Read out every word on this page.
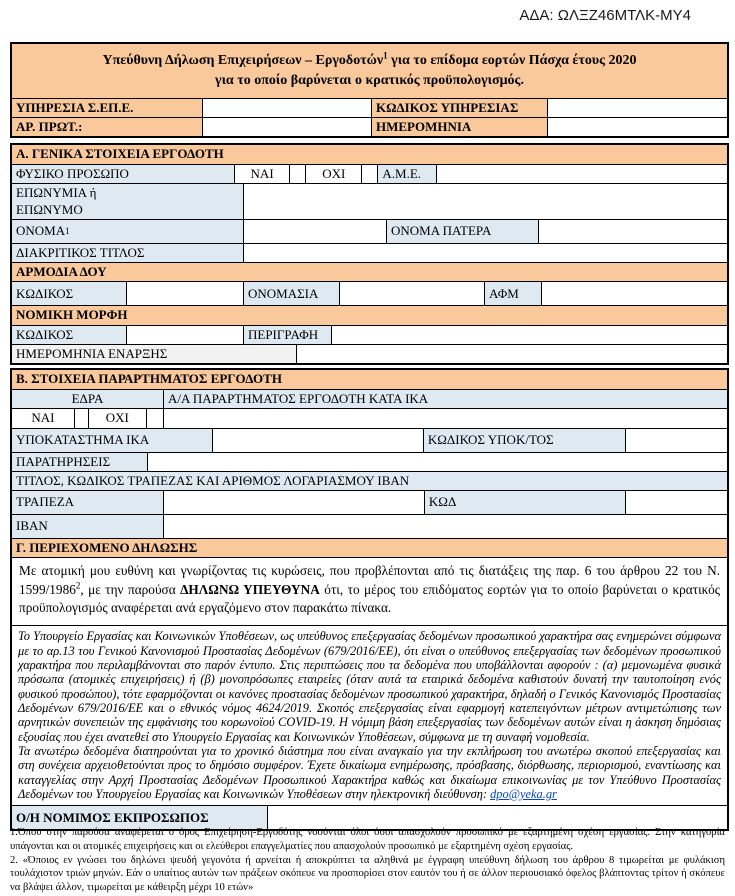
ΑΔΑ: ΩΛΞΖ46ΜΤΛΚ-ΜΥ4
Υπεύθυνη Δήλωση Επιχειρήσεων – Εργοδοτών$^1$ για το επίδομα εορτών Πάσχα έτους 2020
για το οποίο βαρύνεται ο κρατικός προϋπολογισμός.
ΥΠΗΡΕΣΙΑ Σ.ΕΠ.Ε.	ΚΩΔΙΚΟΣ ΥΠΗΡΕΣΙΑΣ
ΑΡ. ΠΡΩΤ.:	ΗΜΕΡΟΜΗΝΙΑ
Α. ΓΕΝΙΚΑ ΣΤΟΙΧΕΙΑ ΕΡΓΟΔΟΤΗ
ΦΥΣΙΚΟ ΠΡΟΣΩΠΟ	ΝΑΙ	ΟΧΙ	Α.Μ.Ε.
ΕΠΩΝΥΜΙΑ ή
ΕΠΩΝΥΜΟ
ΟΝΟΜΑ 1	ΟΝΟΜΑ ΠΑΤΕΡΑ
ΔΙΑΚΡΙΤΙΚΟΣ ΤΙΤΛΟΣ
ΑΡΜΟΔΙΑ ΔΟΥ
ΚΩΔΙΚΟΣ	ΟΝΟΜΑΣΙΑ	ΑΦΜ
ΝΟΜΙΚΗ ΜΟΡΦΗ
ΚΩΔΙΚΟΣ	ΠΕΡΙΓΡΑΦΗ
ΗΜΕΡΟΜΗΝΙΑ ΕΝΑΡΞΗΣ
Β. ΣΤΟΙΧΕΙΑ ΠΑΡΑΡΤΗΜΑΤΟΣ ΕΡΓΟΔΟΤΗ
ΕΔΡΑ	Α/Α ΠΑΡΑΡΤΗΜΑΤΟΣ ΕΡΓΟΔΟΤΗ ΚΑΤΑ ΙΚΑ
ΝΑΙ	ΟΧΙ
ΥΠΟΚΑΤΑΣΤΗΜΑ ΙΚΑ	ΚΩΔΙΚΟΣ ΥΠΟΚ/ΤΟΣ
ΠΑΡΑΤΗΡΗΣΕΙΣ
ΤΙΤΛΟΣ, ΚΩΔΙΚΟΣ ΤΡΑΠΕΖΑΣ ΚΑΙ ΑΡΙΘΜΟΣ ΛΟΓΑΡΙΑΣΜΟΥ ΙΒΑΝ
ΤΡΑΠΕΖΑ	ΚΩΔ
ΙΒΑΝ
Γ. ΠΕΡΙΕΧΟΜΕΝΟ ΔΗΛΩΣΗΣ
Με ατομική μου ευθύνη και γνωρίζοντας τις κυρώσεις, που προβλέπονται από τις διατάξεις της παρ. 6 του άρθρου 22 του Ν. 1599/1986$^2$, με την παρούσα ΔΗΛΩΝΩ ΥΠΕΥΘΥΝΑ ότι, το μέρος του επιδόματος εορτών για το οποίο βαρύνεται ο κρατικός προϋπολογισμός αναφέρεται ανά εργαζόμενο στον παρακάτω πίνακα.

Το Υπουργείο Εργασίας και Κοινωνικών Υποθέσεων, ως υπεύθυνος επεξεργασίας δεδομένων προσωπικού χαρακτήρα σας ενημερώνει σύμφωνα με το αρ.13 του Γενικού Κανονισμού Προστασίας Δεδομένων (679/2016/ΕΕ), ότι είναι ο υπεύθυνος επεξεργασίας των δεδομένων προσωπικού χαρακτήρα που περιλαμβάνονται στο παρόν έντυπο. Στις περιπτώσεις που τα δεδομένα που υποβάλλονται αφορούν : (α) μεμονωμένα φυσικά πρόσωπα (ατομικές επιχειρήσεις) ή (β) μονοπρόσωπες εταιρείες (όταν αυτά τα εταιρικά δεδομένα καθιστούν δυνατή την ταυτοποίηση ενός φυσικού προσώπου), τότε εφαρμόζονται οι κανόνες προστασίας δεδομένων προσωπικού χαρακτήρα, δηλαδή ο Γενικός Κανονισμός Προστασίας Δεδομένων 679/2016/ΕΕ και ο εθνικός νόμος 4624/2019. Σκοπός επεξεργασίας είναι εφαρμογή κατεπειγόντων μέτρων αντιμετώπισης των αρνητικών συνεπειών της εμφάνισης του κορωνοϊού COVID-19. Η νόμιμη βάση επεξεργασίας των δεδομένων αυτών είναι η άσκηση δημόσιας εξουσίας που έχει ανατεθεί στο Υπουργείο Εργασίας και Κοινωνικών Υποθέσεων, σύμφωνα με τη συναφή νομοθεσία.

Τα ανωτέρω δεδομένα διατηρούνται για το χρονικό διάστημα που είναι αναγκαίο για την εκπλήρωση του ανωτέρω σκοπού επεξεργασίας και στη συνέχεια αρχειοθετούνται προς το δημόσιο συμφέρον. Έχετε δικαίωμα ενημέρωσης, πρόσβασης, διόρθωσης, περιορισμού, εναντίωσης και καταγγελίας στην Αρχή Προστασίας Δεδομένων Προσωπικού Χαρακτήρα καθώς και δικαίωμα επικοινωνίας με τον Υπεύθυνο Προστασίας Δεδομένων του Υπουργείου Εργασίας και Κοινωνικών Υποθέσεων στην ηλεκτρονική διεύθυνση: dpo@yeka.gr

Ο/Η ΝΟΜΙΜΟΣ ΕΚΠΡΟΣΩΠΟΣ

1.Όπου στην παρούσα αναφέρεται ο όρος Επιχείρηση-Εργοδότης νοούνται όλοι όσοι απασχολούν προσωπικό με εξαρτημένη σχέση εργασίας. Στην κατηγορία υπάγονται και οι ατομικές επιχειρήσεις και οι ελεύθεροι επαγγελματίες που απασχολούν προσωπικό με εξαρτημένη σχέση εργασίας.

2. «Όποιος εν γνώσει του δηλώνει ψευδή γεγονότα ή αρνείται ή αποκρύπτει τα αληθινά με έγγραφη υπεύθυνη δήλωση του άρθρου 8 τιμωρείται με φυλάκιση τουλάχιστον τριών μηνών. Εάν ο υπαίτιος αυτών των πράξεων σκόπευε να προσπορίσει στον εαυτόν του ή σε άλλον περιουσιακό όφελος βλάπτοντας τρίτον ή σκόπευε να βλάψει άλλον, τιμωρείται με κάθειρξη μέχρι 10 ετών»
